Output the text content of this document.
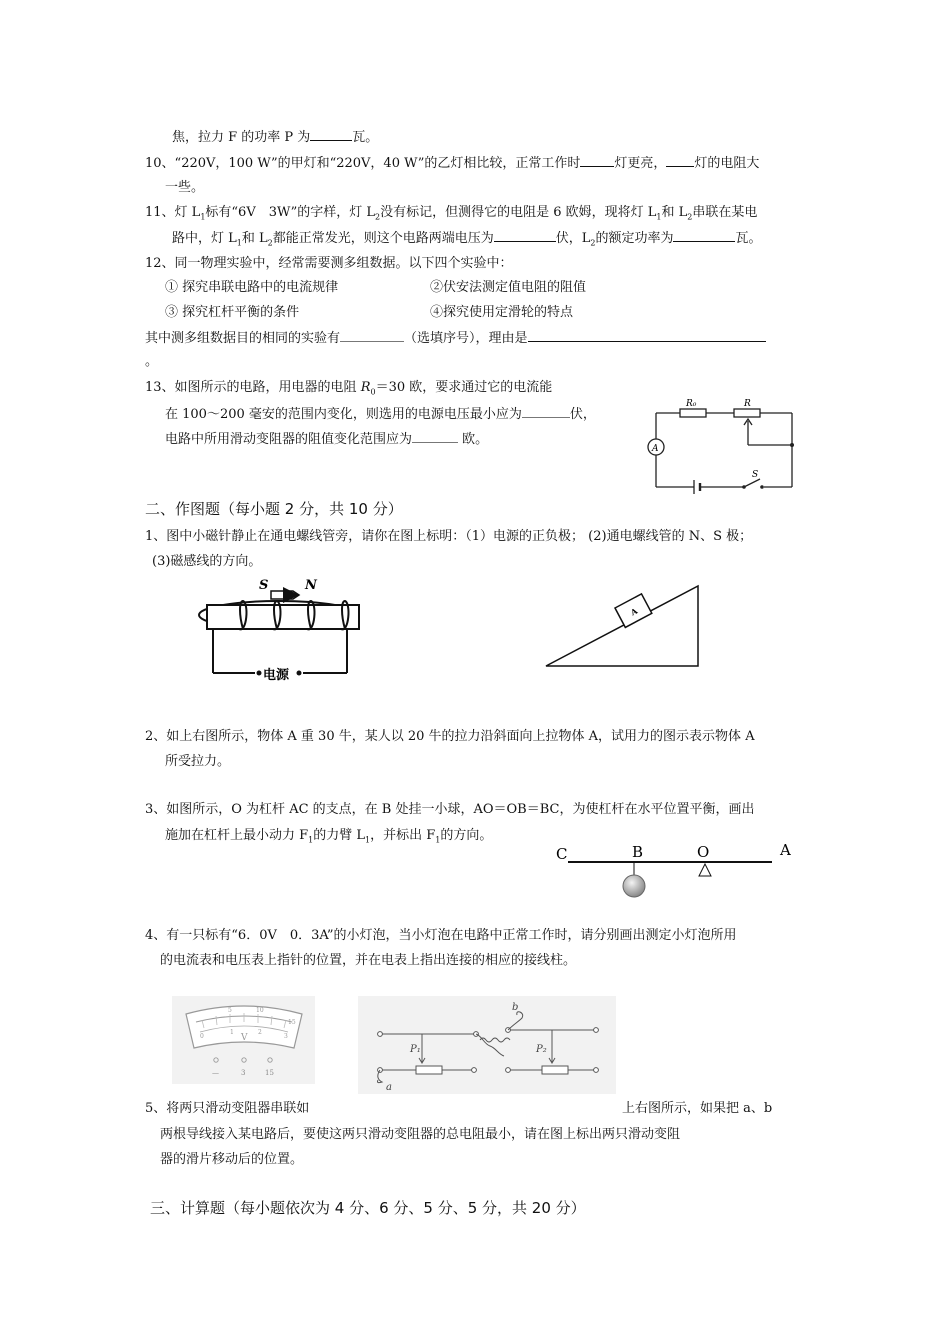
焦，拉力 F 的功率 P 为	瓦。
10、“220V，100 W”的甲灯和“220V，40 W”的乙灯相比较，正常工作时	灯更亮， 灯的电阻大
一些。
11、灯 $L_1$标有“6V　3W”的字样，灯 $L_2$没有标记，但测得它的电阻是 6 欧姆，现将灯 $L_1$和 $L_2$串联在某电
路中，灯 $L_1$和 $L_2$都能正常发光，则这个电路两端电压为	伏，$L_2$的额定功率为	瓦。
12、同一物理实验中，经常需要测多组数据。以下四个实验中：
① 探究串联电路中的电流规律	②伏安法测定值电阻的阻值
③ 探究杠杆平衡的条件	④探究使用定滑轮的特点
其中测多组数据目的相同的实验有	（选填序号），理由是
。
13、如图所示的电路，用电器的电阻 $R_0=30$ 欧，要求通过它的电流能
在 100～200 毫安的范围内变化，则选用的电源电压最小应为	伏，
电路中所用滑动变阻器的阻值变化范围应为	欧。
R₀	R
A
S
二、作图题（每小题 2 分，共 10 分）
1、图中小磁针静止在通电螺线管旁，请你在图上标明：（1）电源的正负极； (2)通电螺线管的 N、S 极；
(3)磁感线的方向。
S	N
电源
A
2、如上右图所示，物体 A 重 30 牛，某人以 20 牛的拉力沿斜面向上拉物体 A，试用力的图示表示物体 A
所受拉力。
3、如图所示，O 为杠杆 AC 的支点，在 B 处挂一小球，AO＝OB＝BC，为使杠杆在水平位置平衡，画出
施加在杠杆上最小动力 $F_1$的力臂 $L_1$，并标出 $F_1$的方向。
C	B	O	A
4、有一只标有“6．0V　0．3A”的小灯泡，当小灯泡在电路中正常工作时，请分别画出测定小灯泡所用
的电流表和电压表上指针的位置，并在电表上指出连接的相应的接线柱。
5	10
15
0
1	2
3
V
—	3	15
P₁	P₂
a
b
5、将两只滑动变阻器串联如	上右图所示，如果把 a、b
两根导线接入某电路后，要使这两只滑动变阻器的总电阻最小，请在图上标出两只滑动变阻
器的滑片移动后的位置。
三、计算题（每小题依次为 4 分、6 分、5 分、5 分，共 20 分）
